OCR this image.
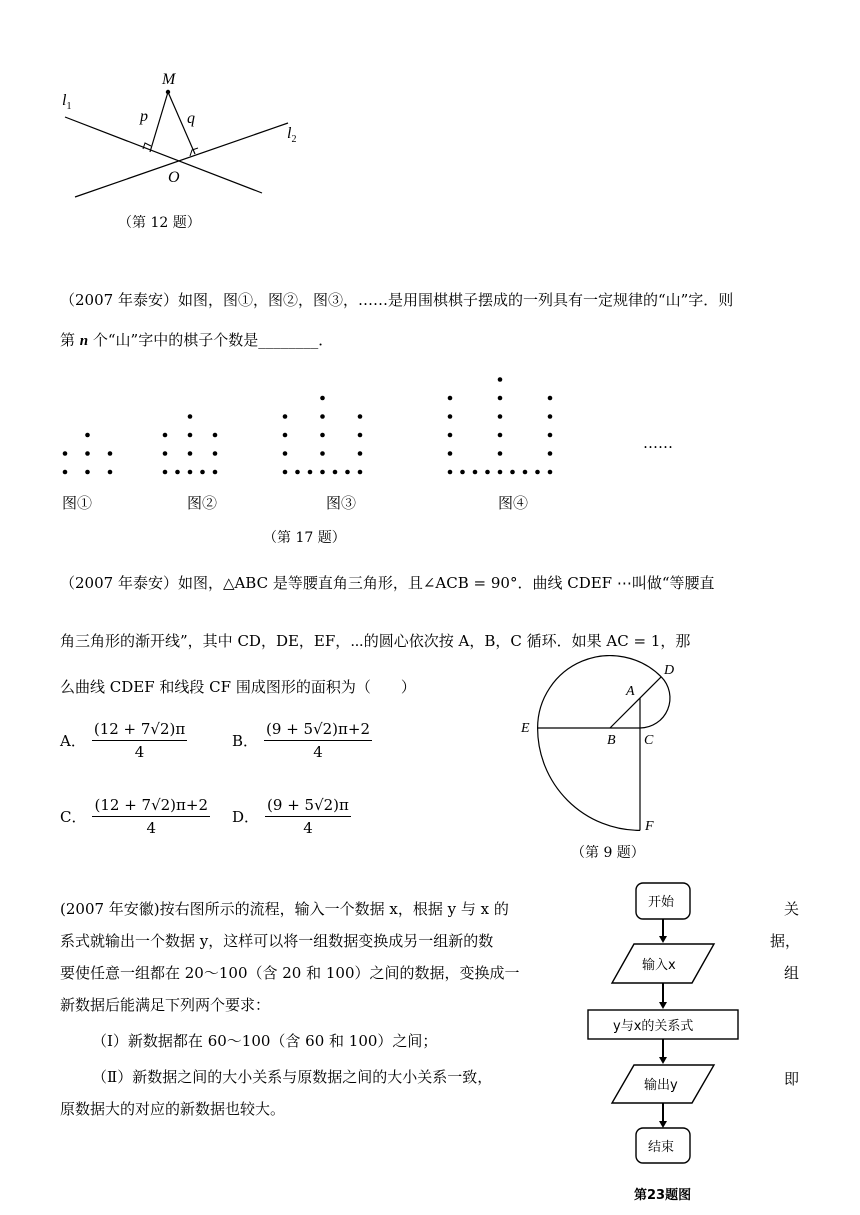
M
p q
O
$l_1$
$l_2$
（第 12 题）
（2007 年泰安）如图，图①，图②，图③，……是用围棋棋子摆成的一列具有一定规律的“山”字．则
第 n 个“山”字中的棋子个数是________．
图①	图②	图③	图④
（第 17 题）
（2007 年泰安）如图，△ABC 是等腰直角三角形，且∠ACB = 90°．曲线 CDEF ⋯叫做“等腰直
角三角形的渐开线”，其中 CD，DE，EF，⋯的圆心依次按 A，B，C 循环．如果 AC = 1，那
么曲线 CDEF 和线段 CF 围成图形的面积为（　　）
A． $\frac{(12 + 7√2)\pi}{4}$	B． $\frac{(9 + 5√2)\pi+2}{4}$
C． $\frac{(12 + 7√2)\pi+2}{4}$ D． $\frac{(9 + 5√2)\pi}{4}$
A
B C
D
E
F
（第 9 题）
(2007 年安徽)按右图所示的流程，输入一个数据 x，根据 y 与 x 的
系式就输出一个数据 y，这样可以将一组数据变换成另一组新的数
要使任意一组都在 20～100（含 20 和 100）之间的数据，变换成一
新数据后能满足下列两个要求：
（Ⅰ）新数据都在 60～100（含 60 和 100）之间；
（Ⅱ）新数据之间的大小关系与原数据之间的大小关系一致，
原数据大的对应的新数据也较大。
关
据，
组
即
开始
输入x
y与x的关系式
输出y
结束
第23题图
……
